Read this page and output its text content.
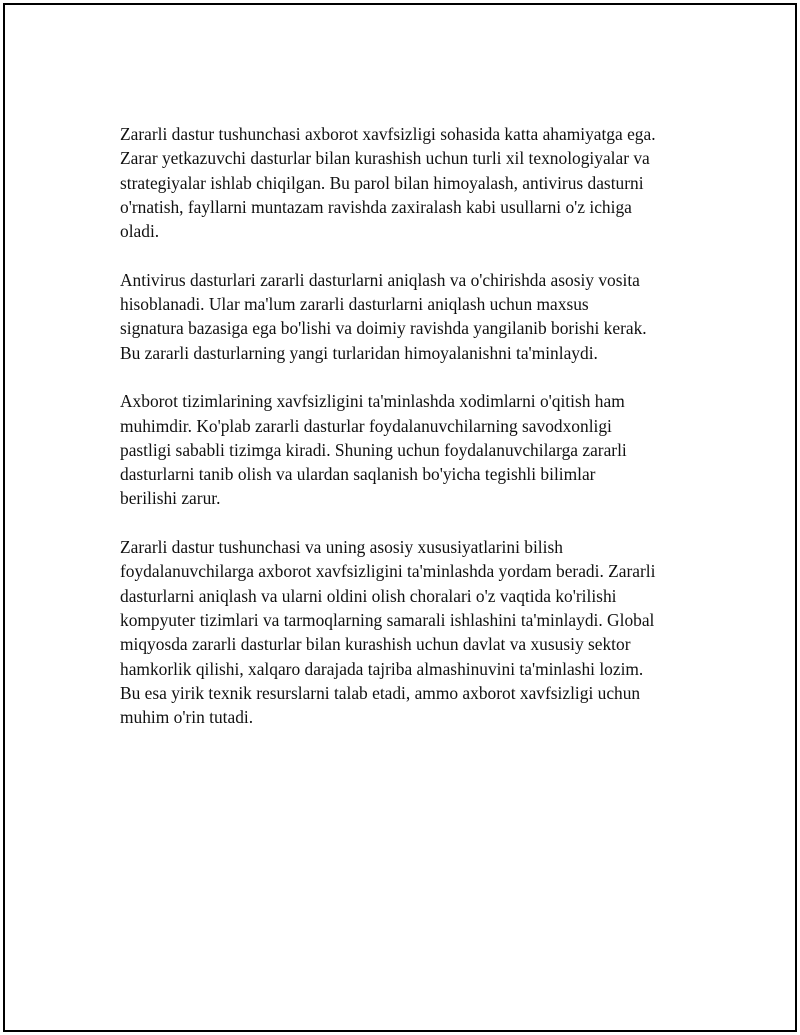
Zararli dastur tushunchasi axborot xavfsizligi sohasida katta ahamiyatga ega.
Zarar yetkazuvchi dasturlar bilan kurashish uchun turli xil texnologiyalar va
strategiyalar ishlab chiqilgan. Bu parol bilan himoyalash, antivirus dasturni
o'rnatish, fayllarni muntazam ravishda zaxiralash kabi usullarni o'z ichiga
oladi.

Antivirus dasturlari zararli dasturlarni aniqlash va o'chirishda asosiy vosita
hisoblanadi. Ular ma'lum zararli dasturlarni aniqlash uchun maxsus
signatura bazasiga ega bo'lishi va doimiy ravishda yangilanib borishi kerak.
Bu zararli dasturlarning yangi turlaridan himoyalanishni ta'minlaydi.

Axborot tizimlarining xavfsizligini ta'minlashda xodimlarni o'qitish ham
muhimdir. Ko'plab zararli dasturlar foydalanuvchilarning savodxonligi
pastligi sababli tizimga kiradi. Shuning uchun foydalanuvchilarga zararli
dasturlarni tanib olish va ulardan saqlanish bo'yicha tegishli bilimlar
berilishi zarur.

Zararli dastur tushunchasi va uning asosiy xususiyatlarini bilish
foydalanuvchilarga axborot xavfsizligini ta'minlashda yordam beradi. Zararli
dasturlarni aniqlash va ularni oldini olish choralari o'z vaqtida ko'rilishi
kompyuter tizimlari va tarmoqlarning samarali ishlashini ta'minlaydi. Global
miqyosda zararli dasturlar bilan kurashish uchun davlat va xususiy sektor
hamkorlik qilishi, xalqaro darajada tajriba almashinuvini ta'minlashi lozim.
Bu esa yirik texnik resurslarni talab etadi, ammo axborot xavfsizligi uchun
muhim o'rin tutadi.
